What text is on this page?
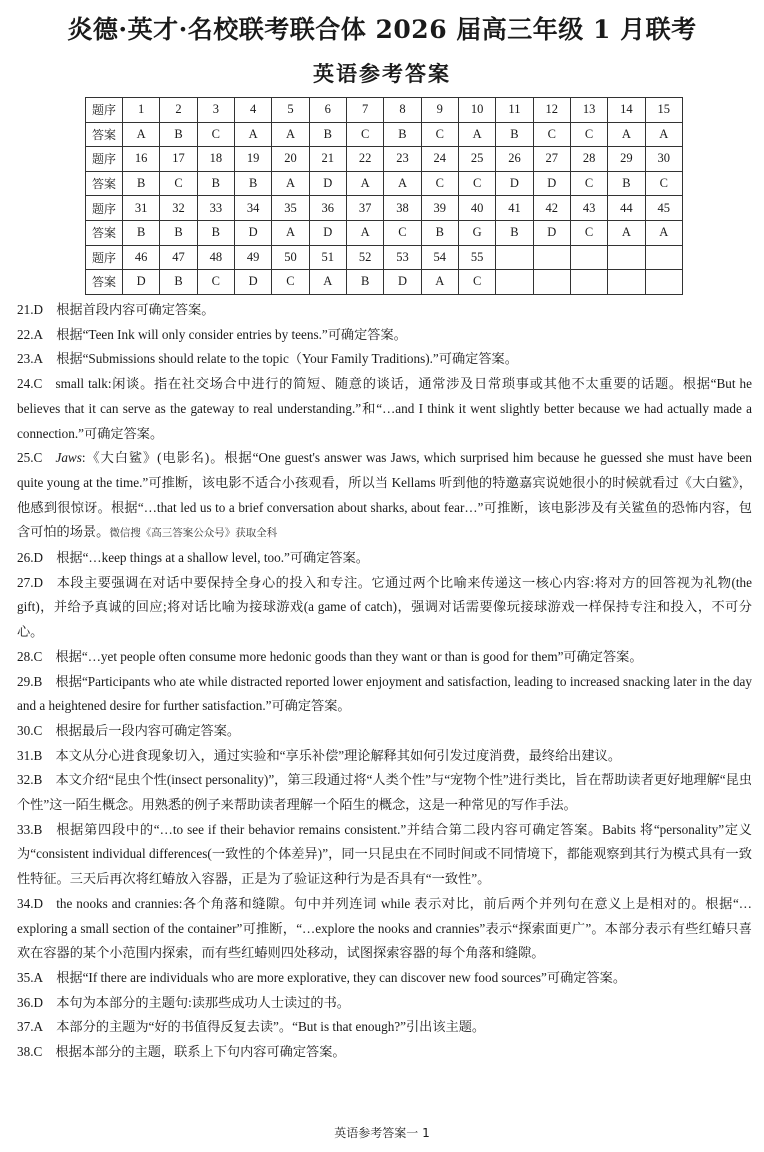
炎德·英才·名校联考联合体 2026 届高三年级 1 月联考
英语参考答案
题序	1	2	3	4	5	6	7	8	9	10	11	12	13	14	15
答案	A	B	C	A	A	B	C	B	C	A	B	C	C	A	A
题序	16	17	18	19	20	21	22	23	24	25	26	27	28	29	30
答案	B	C	B	B	A	D	A	A	C	C	D	D	C	B	C
题序	31	32	33	34	35	36	37	38	39	40	41	42	43	44	45
答案	B	B	B	D	A	D	A	C	B	G	B	D	C	A	A
题序	46	47	48	49	50	51	52	53	54	55					
答案	D	B	C	D	C	A	B	D	A	C					
21.D  根据首段内容可确定答案。
22.A  根据“Teen Ink will only consider entries by teens.”可确定答案。
23.A  根据“Submissions should relate to the topic（Your Family Traditions).”可确定答案。
24.C  small talk:闲谈。指在社交场合中进行的简短、随意的谈话，通常涉及日常琐事或其他不太重要的话题。根据“But he believes that it can serve as the gateway to real understanding.”和“…and I think it went slightly better because we had actually made a connection.”可确定答案。
25.C  Jaws:《大白鲨》(电影名)。根据“One guest's answer was Jaws, which surprised him because he guessed she must have been quite young at the time.”可推断，该电影不适合小孩观看，所以当 Kellams 听到他的特邀嘉宾说她很小的时候就看过《大白鲨》，他感到很惊讶。根据“…that led us to a brief conversation about sharks, about fear…”可推断，该电影涉及有关鲨鱼的恐怖内容，包含可怕的场景。微信搜《高三答案公众号》获取全科
26.D  根据“…keep things at a shallow level, too.”可确定答案。
27.D  本段主要强调在对话中要保持全身心的投入和专注。它通过两个比喻来传递这一核心内容:将对方的回答视为礼物(the gift)，并给予真诚的回应;将对话比喻为接球游戏(a game of catch)，强调对话需要像玩接球游戏一样保持专注和投入，不可分心。
28.C  根据“…yet people often consume more hedonic goods than they want or than is good for them”可确定答案。
29.B  根据“Participants who ate while distracted reported lower enjoyment and satisfaction, leading to increased snacking later in the day and a heightened desire for further satisfaction.”可确定答案。
30.C  根据最后一段内容可确定答案。
31.B  本文从分心进食现象切入，通过实验和“享乐补偿”理论解释其如何引发过度消费，最终给出建议。
32.B  本文介绍“昆虫个性(insect personality)”，第三段通过将“人类个性”与“宠物个性”进行类比，旨在帮助读者更好地理解“昆虫个性”这一陌生概念。用熟悉的例子来帮助读者理解一个陌生的概念，这是一种常见的写作手法。
33.B  根据第四段中的“…to see if their behavior remains consistent.”并结合第二段内容可确定答案。Babits 将“personality”定义为“consistent individual differences(一致性的个体差异)”，同一只昆虫在不同时间或不同情境下，都能观察到其行为模式具有一致性特征。三天后再次将红蝽放入容器，正是为了验证这种行为是否具有“一致性”。
34.D  the nooks and crannies:各个角落和缝隙。句中并列连词 while 表示对比，前后两个并列句在意义上是相对的。根据“…exploring a small section of the container”可推断，“…explore the nooks and crannies”表示“探索面更广”。本部分表示有些红蝽只喜欢在容器的某个小范围内探索，而有些红蝽则四处移动，试图探索容器的每个角落和缝隙。
35.A  根据“If there are individuals who are more explorative, they can discover new food sources”可确定答案。
36.D  本句为本部分的主题句:读那些成功人士读过的书。
37.A  本部分的主题为“好的书值得反复去读”。“But is that enough?”引出该主题。
38.C  根据本部分的主题，联系上下句内容可确定答案。
英语参考答案一 1
